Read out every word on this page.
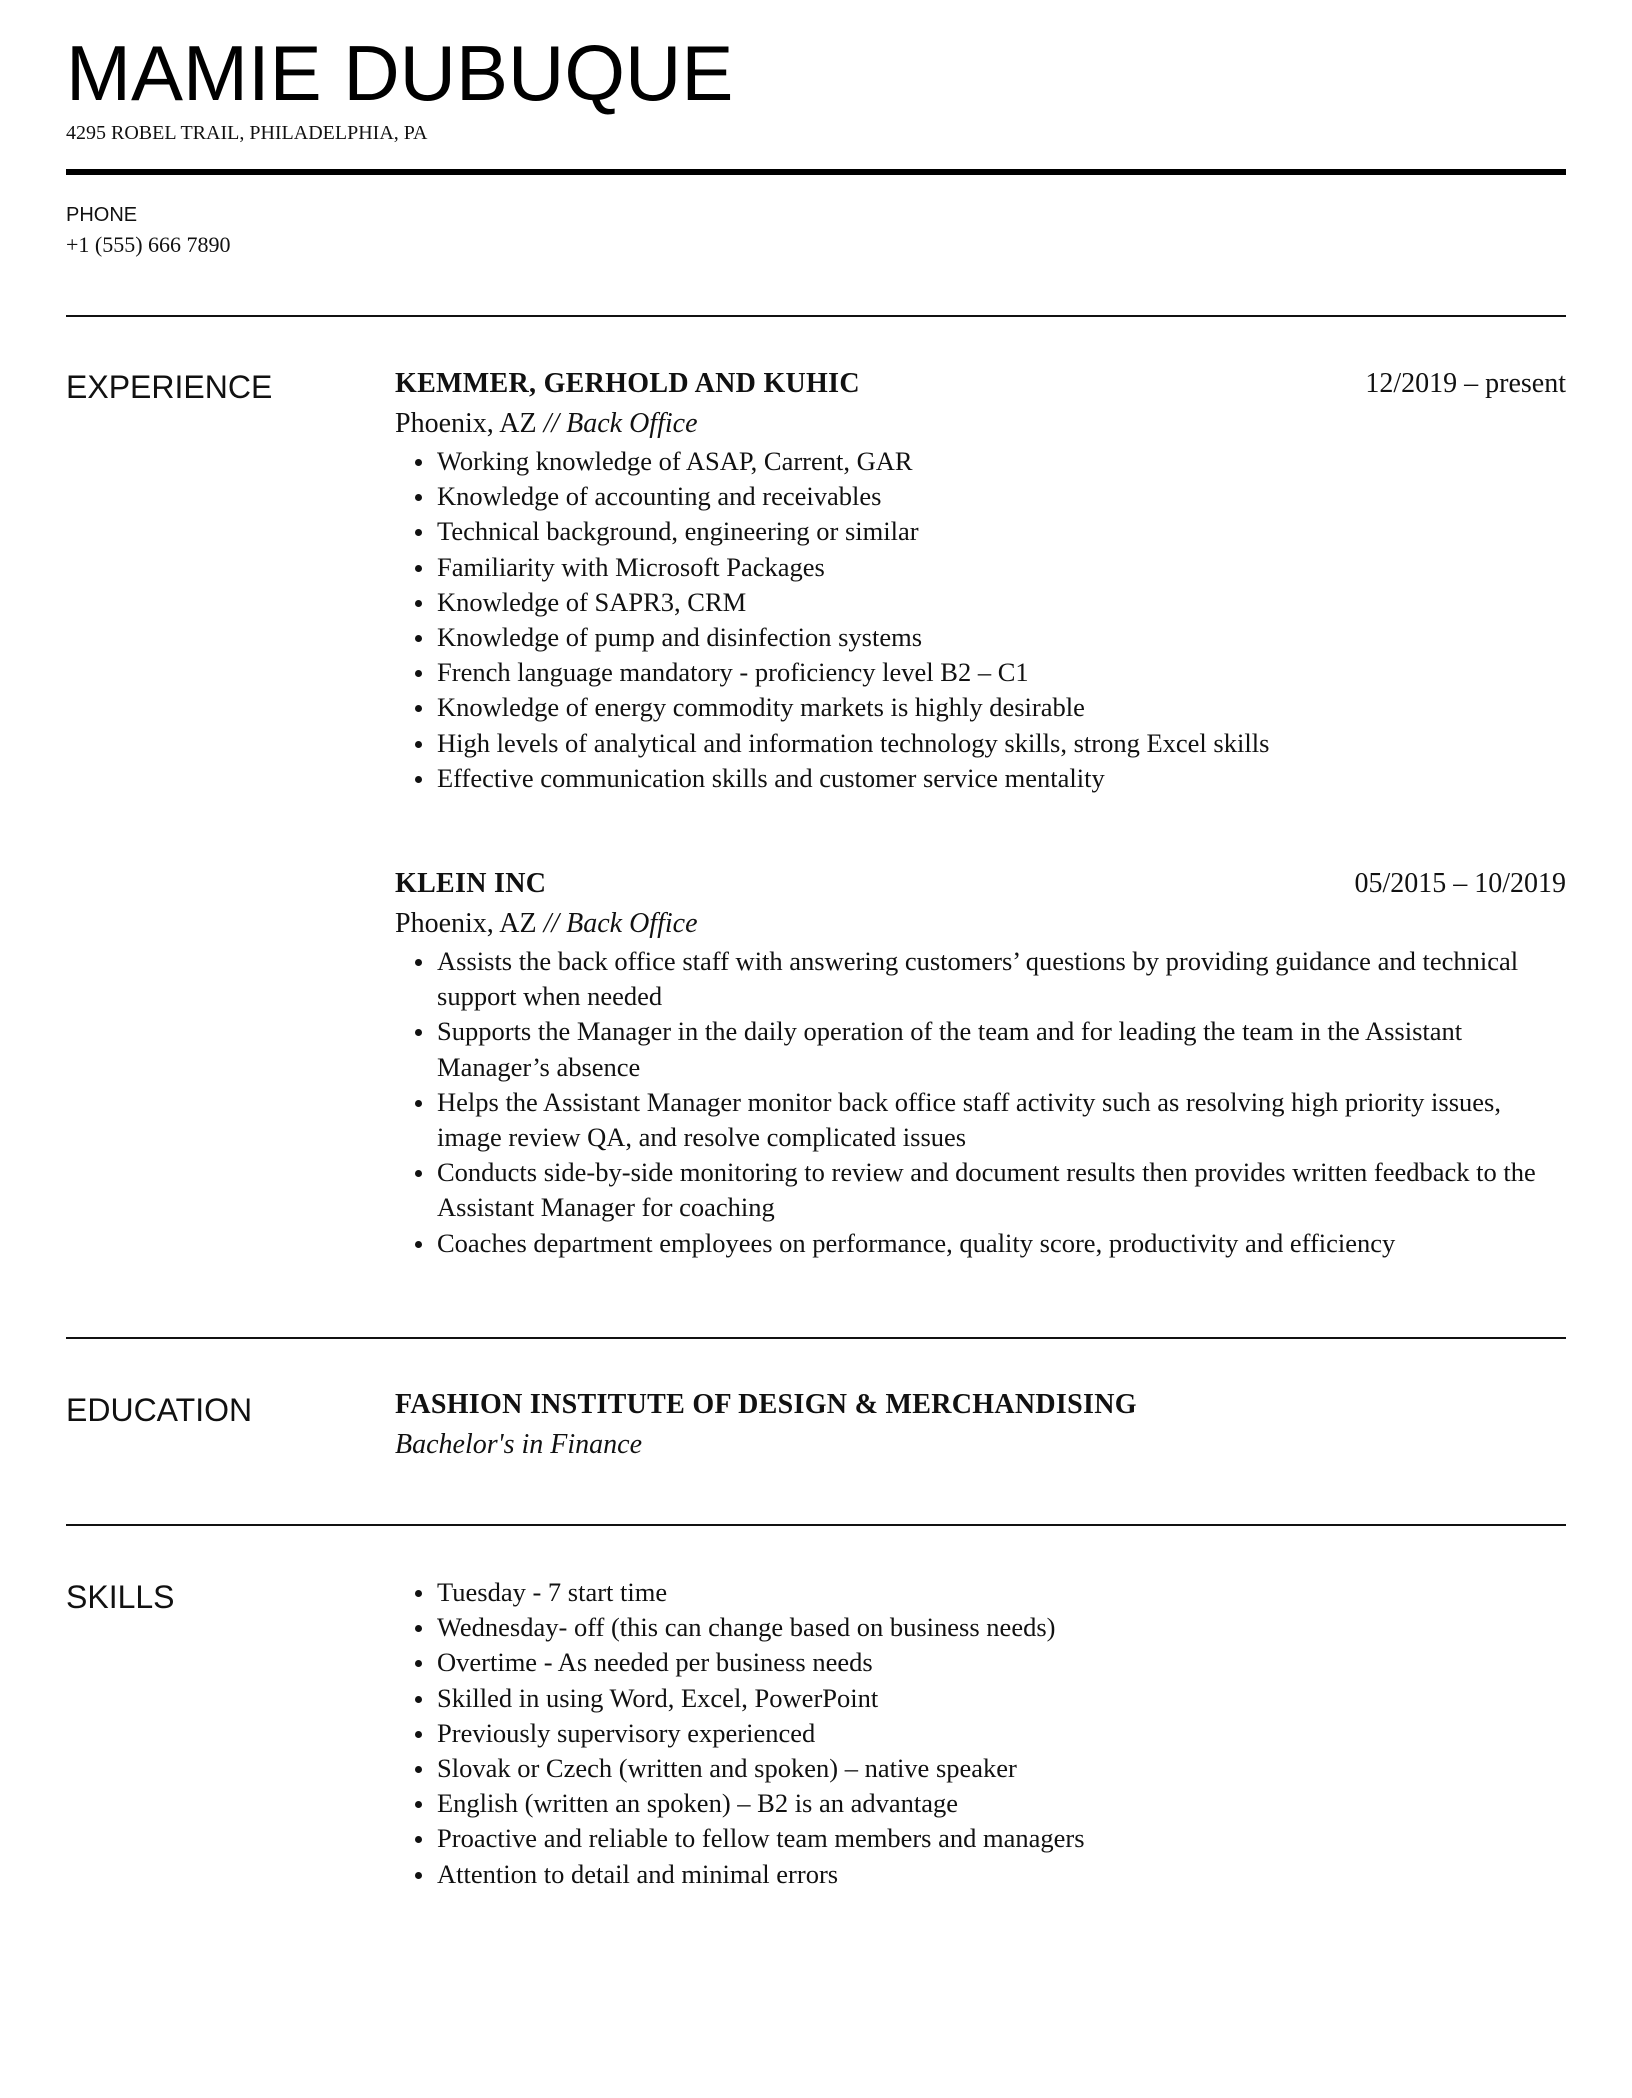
MAMIE DUBUQUE
4295 ROBEL TRAIL, PHILADELPHIA, PA
PHONE
+1 (555) 666 7890
EXPERIENCE	KEMMER, GERHOLD AND KUHIC	12/2019 – present
Phoenix, AZ // Back Office
Working knowledge of ASAP, Carrent, GAR
Knowledge of accounting and receivables
Technical background, engineering or similar
Familiarity with Microsoft Packages
Knowledge of SAPR3, CRM
Knowledge of pump and disinfection systems
French language mandatory - proficiency level B2 – C1
Knowledge of energy commodity markets is highly desirable
High levels of analytical and information technology skills, strong Excel skills
Effective communication skills and customer service mentality
KLEIN INC	05/2015 – 10/2019
Phoenix, AZ // Back Office
Assists the back office staff with answering customers’ questions by providing guidance and technical support when needed
Supports the Manager in the daily operation of the team and for leading the team in the Assistant Manager’s absence
Helps the Assistant Manager monitor back office staff activity such as resolving high priority issues, image review QA, and resolve complicated issues
Conducts side-by-side monitoring to review and document results then provides written feedback to the Assistant Manager for coaching
Coaches department employees on performance, quality score, productivity and efficiency
EDUCATION	FASHION INSTITUTE OF DESIGN & MERCHANDISING
Bachelor's in Finance
SKILLS	Tuesday - 7 start time
Wednesday- off (this can change based on business needs)
Overtime - As needed per business needs
Skilled in using Word, Excel, PowerPoint
Previously supervisory experienced
Slovak or Czech (written and spoken) – native speaker
English (written an spoken) – B2 is an advantage
Proactive and reliable to fellow team members and managers
Attention to detail and minimal errors
